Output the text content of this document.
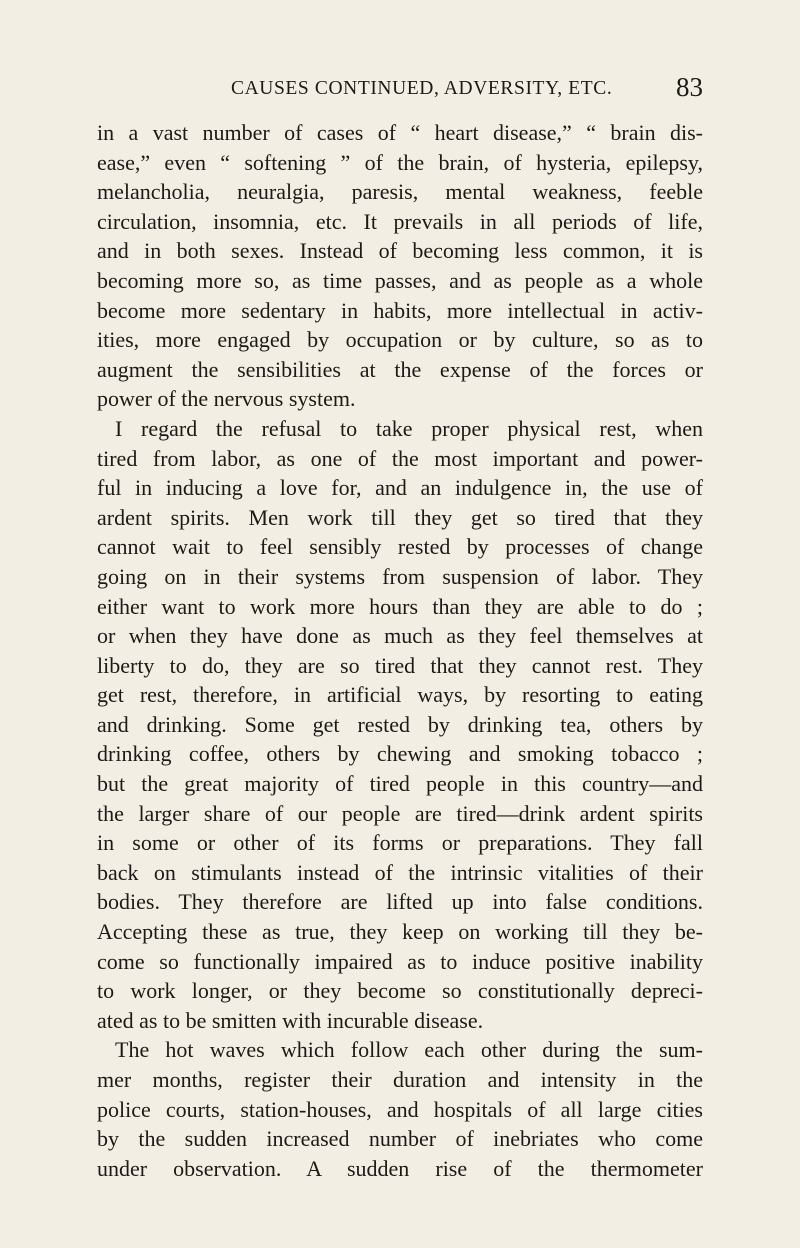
CAUSES CONTINUED, ADVERSITY, ETC. 83
in a vast number of cases of “ heart disease,” “ brain dis-
ease,” even “ softening ” of the brain, of hysteria, epilepsy,
melancholia, neuralgia, paresis, mental weakness, feeble
circulation, insomnia, etc. It prevails in all periods of life,
and in both sexes. Instead of becoming less common, it is
becoming more so, as time passes, and as people as a whole
become more sedentary in habits, more intellectual in activ-
ities, more engaged by occupation or by culture, so as to
augment the sensibilities at the expense of the forces or
power of the nervous system.
I regard the refusal to take proper physical rest, when
tired from labor, as one of the most important and power-
ful in inducing a love for, and an indulgence in, the use of
ardent spirits. Men work till they get so tired that they
cannot wait to feel sensibly rested by processes of change
going on in their systems from suspension of labor. They
either want to work more hours than they are able to do ;
or when they have done as much as they feel themselves at
liberty to do, they are so tired that they cannot rest. They
get rest, therefore, in artificial ways, by resorting to eating
and drinking. Some get rested by drinking tea, others by
drinking coffee, others by chewing and smoking tobacco ;
but the great majority of tired people in this country—and
the larger share of our people are tired—drink ardent spirits
in some or other of its forms or preparations. They fall
back on stimulants instead of the intrinsic vitalities of their
bodies. They therefore are lifted up into false conditions.
Accepting these as true, they keep on working till they be-
come so functionally impaired as to induce positive inability
to work longer, or they become so constitutionally depreci-
ated as to be smitten with incurable disease.
The hot waves which follow each other during the sum-
mer months, register their duration and intensity in the
police courts, station-houses, and hospitals of all large cities
by the sudden increased number of inebriates who come
under observation. A sudden rise of the thermometer
